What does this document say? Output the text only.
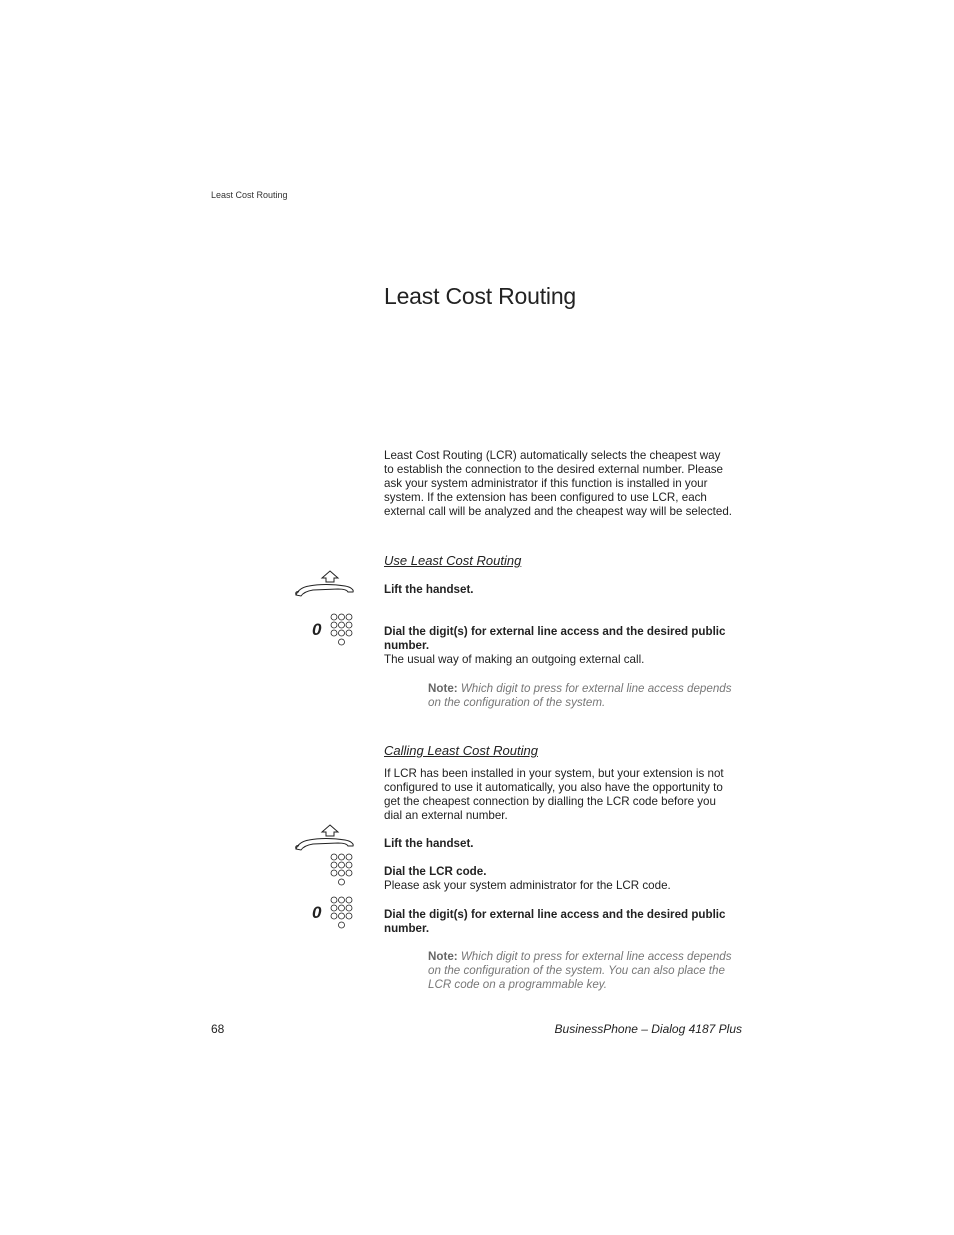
Least Cost Routing
Least Cost Routing
Least Cost Routing (LCR) automatically selects the cheapest way
to establish the connection to the desired external number. Please
ask your system administrator if this function is installed in your
system. If the extension has been configured to use LCR, each
external call will be analyzed and the cheapest way will be selected.
Use Least Cost Routing
Lift the handset.
0	Dial the digit(s) for external line access and the desired public
number.
The usual way of making an outgoing external call.
Note: Which digit to press for external line access depends
on the configuration of the system.
Calling Least Cost Routing
If LCR has been installed in your system, but your extension is not
configured to use it automatically, you also have the opportunity to
get the cheapest connection by dialling the LCR code before you
dial an external number.
Lift the handset.
Dial the LCR code.
Please ask your system administrator for the LCR code.
0	Dial the digit(s) for external line access and the desired public
number.
Note: Which digit to press for external line access depends
on the configuration of the system. You can also place the
LCR code on a programmable key.
68	BusinessPhone – Dialog 4187 Plus
